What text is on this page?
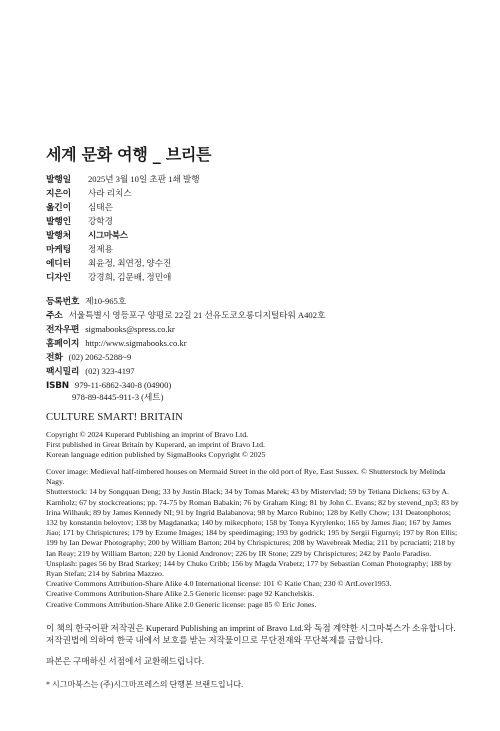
세계 문화 여행 _ 브리튼
발행일 2025년 3월 10일 초판 1쇄 발행
지은이 사라 리치스
옮긴이 심태은
발행인 강학경
발행처 시그마북스
마케팅 정제용
에디터 최윤정, 최연정, 양수진
디자인 강경희, 김문배, 정민애
등록번호 제10-965호
주소 서울특별시 영등포구 양평로 22길 21 선유도코오롱디지털타워 A402호
전자우편 sigmabooks@spress.co.kr
홈페이지 http://www.sigmabooks.co.kr
전화 (02) 2062-5288~9
팩시밀리 (02) 323-4197
ISBN 979-11-6862-340-8 (04900)
978-89-8445-911-3 (세트)
CULTURE SMART! BRITAIN

Copyright © 2024 Kuperard Publishing an imprint of Bravo Ltd.

First published in Great Britain by Kuperard, an imprint of Bravo Ltd.

Korean language edition published by SigmaBooks Copyright © 2025

Cover image: Medieval half-timbered houses on Mermaid Street in the old port of Rye, East Sussex. © Shutterstock by Melinda Nagy.

Shutterstock: 14 by Songquan Deng; 33 by Justin Black; 34 by Tomas Marek; 43 by Mistervlad; 59 by Tetiana Dickens; 63 by A. Karnholz; 67 by stockcreations; pp. 74-75 by Roman Babakin; 76 by Graham King; 81 by John C. Evans; 82 by stevend_np3; 83 by Irina Wilhauk; 89 by James Kennedy NI; 91 by Ingrid Balabanova; 98 by Marco Rubino; 128 by Kelly Chow; 131 Deatonphotos; 132 by konstantin belovtov; 138 by Magdanatka; 140 by mikecphoto; 158 by Tonya Kyrylenko; 165 by James Jiao; 167 by James Jiao; 171 by Chrispictures; 179 by Ezume Images; 184 by speedimaging; 193 by godrick; 195 by Sergii Figurnyi; 197 by Ron Ellis; 199 by Ian Dewar Photography; 200 by William Barton; 204 by Chrispictures; 208 by Wavebreak Media; 211 by pcruciatti; 218 by Ian Reay; 219 by William Barton; 220 by Lionid Andronov; 226 by IR Stone; 229 by Chrispictures; 242 by Paolo Paradiso.

Unsplash: pages 56 by Brad Starkey; 144 by Chuko Cribb; 156 by Magda Vrabetz; 177 by Sebastian Coman Photography; 188 by Ryan Stefan; 214 by Sabrina Mazzeo.

Creative Commons Attribution-Share Alike 4.0 International license: 101 © Katie Chan; 230 © ArtLover1953.

Creative Commons Attribution-Share Alike 2.5 Generic license: page 92 Kanchelskis.

Creative Commons Attribution-Share Alike 2.0 Generic license: page 85 © Eric Jones.

이 책의 한국어판 저작권은 Kuperard Publishing an imprint of Bravo Ltd.와 독점 계약한 시그마북스가 소유합니다.

저작권법에 의하여 한국 내에서 보호를 받는 저작물이므로 무단전재와 무단복제를 금합니다.

파본은 구매하신 서점에서 교환해드립니다.
* 시그마북스는 (주)시그마프레스의 단행본 브랜드입니다.
